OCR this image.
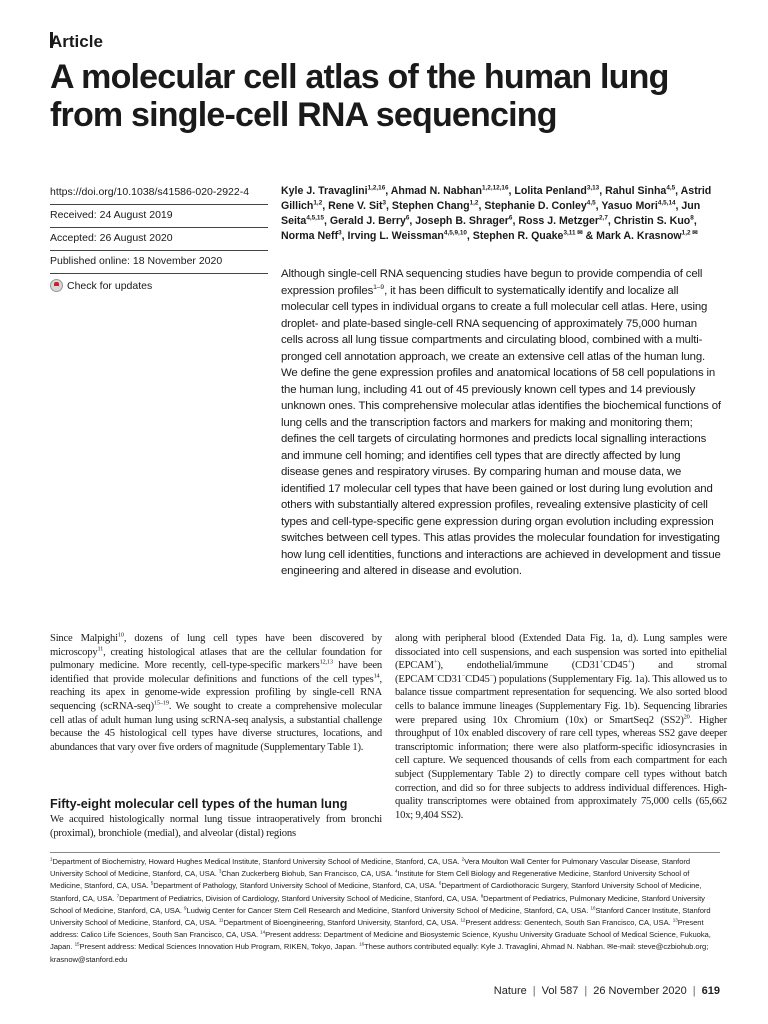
Article
A molecular cell atlas of the human lung from single-cell RNA sequencing
https://doi.org/10.1038/s41586-020-2922-4
Received: 24 August 2019
Accepted: 26 August 2020
Published online: 18 November 2020
Check for updates
Kyle J. Travaglini$^{1,2,16}$, Ahmad N. Nabhan$^{1,2,12,16}$, Lolita Penland$^{3,13}$, Rahul Sinha$^{4,5}$, Astrid Gillich$^{1,2}$, Rene V. Sit$^3$, Stephen Chang$^{1,2}$, Stephanie D. Conley$^{4,5}$, Yasuo Mori$^{4,5,14}$, Jun Seita$^{4,5,15}$, Gerald J. Berry$^6$, Joseph B. Shrager$^6$, Ross J. Metzger$^{2,7}$, Christin S. Kuo$^8$, Norma Neff$^3$, Irving L. Weissman$^{4,5,9,10}$, Stephen R. Quake$^{3,11 ✉}$ & Mark A. Krasnow$^{1,2 ✉}$
Although single-cell RNA sequencing studies have begun to provide compendia of cell expression profiles$^{1-9}$, it has been difficult to systematically identify and localize all molecular cell types in individual organs to create a full molecular cell atlas. Here, using droplet- and plate-based single-cell RNA sequencing of approximately 75,000 human cells across all lung tissue compartments and circulating blood, combined with a multi-pronged cell annotation approach, we create an extensive cell atlas of the human lung. We define the gene expression profiles and anatomical locations of 58 cell populations in the human lung, including 41 out of 45 previously known cell types and 14 previously unknown ones. This comprehensive molecular atlas identifies the biochemical functions of lung cells and the transcription factors and markers for making and monitoring them; defines the cell targets of circulating hormones and predicts local signalling interactions and immune cell homing; and identifies cell types that are directly affected by lung disease genes and respiratory viruses. By comparing human and mouse data, we identified 17 molecular cell types that have been gained or lost during lung evolution and others with substantially altered expression profiles, revealing extensive plasticity of cell types and cell-type-specific gene expression during organ evolution including expression switches between cell types. This atlas provides the molecular foundation for investigating how lung cell identities, functions and interactions are achieved in development and tissue engineering and altered in disease and evolution.
Since Malpighi$^{10}$, dozens of lung cell types have been discovered by microscopy$^{11}$, creating histological atlases that are the cellular foundation for pulmonary medicine. More recently, cell-type-specific markers$^{12,13}$ have been identified that provide molecular definitions and functions of the cell types$^{14}$, reaching its apex in genome-wide expression profiling by single-cell RNA sequencing (scRNA-seq)$^{15-19}$. We sought to create a comprehensive molecular cell atlas of adult human lung using scRNA-seq analysis, a substantial challenge because the 45 histological cell types have diverse structures, locations, and abundances that vary over five orders of magnitude (Supplementary Table 1).
Fifty-eight molecular cell types of the human lung
We acquired histologically normal lung tissue intraoperatively from bronchi (proximal), bronchiole (medial), and alveolar (distal) regions
along with peripheral blood (Extended Data Fig. 1a, d). Lung samples were dissociated into cell suspensions, and each suspension was sorted into epithelial (EPCAM+), endothelial/immune (CD31+CD45+) and stromal (EPCAM−CD31−CD45−) populations (Supplementary Fig. 1a). This allowed us to balance tissue compartment representation for sequencing. We also sorted blood cells to balance immune lineages (Supplementary Fig. 1b). Sequencing libraries were prepared using 10x Chromium (10x) or SmartSeq2 $(SS2)^{20}$. Higher throughput of 10x enabled discovery of rare cell types, whereas SS2 gave deeper transcriptomic information; there were also platform-specific idiosyncrasies in cell capture. We sequenced thousands of cells from each compartment for each subject (Supplementary Table 2) to directly compare cell types without batch correction, and did so for three subjects to address individual differences. High-quality transcriptomes were obtained from approximately 75,000 cells (65,662 10x; 9,404 SS2).
$^1$Department of Biochemistry, Howard Hughes Medical Institute, Stanford University School of Medicine, Stanford, CA, USA. $^2$Vera Moulton Wall Center for Pulmonary Vascular Disease, Stanford University School of Medicine, Stanford, CA, USA. $^3$Chan Zuckerberg Biohub, San Francisco, CA, USA. $^4$Institute for Stem Cell Biology and Regenerative Medicine, Stanford University School of Medicine, Stanford, CA, USA. $^5$Department of Pathology, Stanford University School of Medicine, Stanford, CA, USA. $^6$Department of Cardiothoracic Surgery, Stanford University School of Medicine, Stanford, CA, USA. $^7$Department of Pediatrics, Division of Cardiology, Stanford University School of Medicine, Stanford, CA, USA. $^8$Department of Pediatrics, Pulmonary Medicine, Stanford University School of Medicine, Stanford, CA, USA. $^9$Ludwig Center for Cancer Stem Cell Research and Medicine, Stanford University School of Medicine, Stanford, CA, USA. $^{10}$Stanford Cancer Institute, Stanford University School of Medicine, Stanford, CA, USA. $^{11}$Department of Bioengineering, Stanford University, Stanford, CA, USA. $^{12}$Present address: Genentech, South San Francisco, CA, USA. $^{13}$Present address: Calico Life Sciences, South San Francisco, CA, USA. $^{14}$Present address: Department of Medicine and Biosystemic Science, Kyushu University Graduate School of Medical Science, Fukuoka, Japan. $^{15}$Present address: Medical Sciences Innovation Hub Program, RIKEN, Tokyo, Japan. $^{16}$These authors contributed equally: Kyle J. Travaglini, Ahmad N. Nabhan. ✉e-mail: steve@czbiohub.org; krasnow@stanford.edu
Nature | Vol 587 | 26 November 2020 | 619
